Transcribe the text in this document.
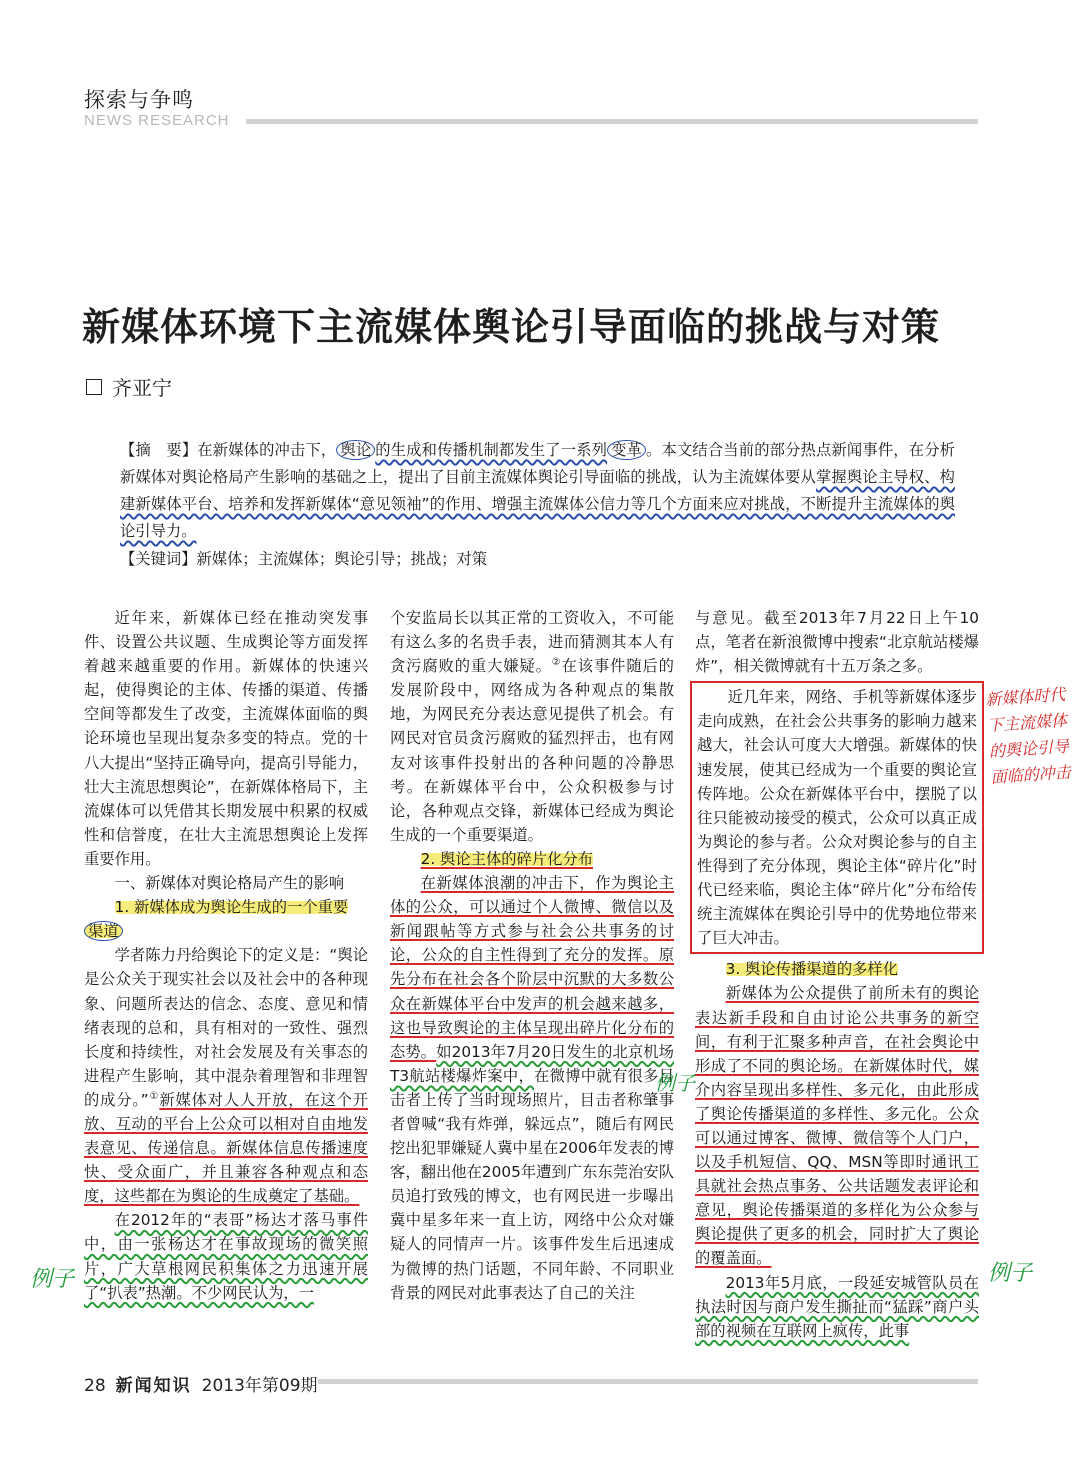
探索与争鸣
NEWS RESEARCH
新媒体环境下主流媒体舆论引导面临的挑战与对策
齐亚宁
【摘　要】在新媒体的冲击下， 舆论 的生成和传播机制都发生了一系列 变革 。本文结合当前的部分热点新闻事件，在分析新媒体对舆论格局产生影响的基础之上，提出了目前主流媒体舆论引导面临的挑战，认为主流媒体要从掌握舆论主导权、构建新媒体平台、培养和发挥新媒体“意见领袖”的作用、增强主流媒体公信力等几个方面来应对挑战，不断提升主流媒体的舆论引导力。
【关键词】新媒体；主流媒体；舆论引导；挑战；对策

近年来，新媒体已经在推动突发事件、设置公共议题、生成舆论等方面发挥着越来越重要的作用。新媒体的快速兴起，使得舆论的主体、传播的渠道、传播空间等都发生了改变，主流媒体面临的舆论环境也呈现出复杂多变的特点。党的十八大提出“坚持正确导向，提高引导能力，壮大主流思想舆论”，在新媒体格局下，主流媒体可以凭借其长期发展中积累的权威性和信誉度，在壮大主流思想舆论上发挥重要作用。

一、新媒体对舆论格局产生的影响

1. 新媒体成为舆论生成的一个重要

渠道

学者陈力丹给舆论下的定义是：“舆论是公众关于现实社会以及社会中的各种现象、问题所表达的信念、态度、意见和情绪表现的总和，具有相对的一致性、强烈长度和持续性，对社会发展及有关事态的进程产生影响，其中混杂着理智和非理智的成分。”①新媒体对人人开放，在这个开放、互动的平台上公众可以相对自由地发表意见、传递信息。新媒体信息传播速度快、受众面广，并且兼容各种观点和态度，这些都在为舆论的生成奠定了基础。

在2012年的“表哥”杨达才落马事件中，由一张杨达才在事故现场的微笑照片，广大草根网民积集体之力迅速开展了“扒表”热潮。不少网民认为，一

个安监局长以其正常的工资收入，不可能有这么多的名贵手表，进而猜测其本人有贪污腐败的重大嫌疑。②在该事件随后的发展阶段中，网络成为各种观点的集散地，为网民充分表达意见提供了机会。有网民对官员贪污腐败的猛烈抨击，也有网友对该事件投射出的各种问题的冷静思考。在新媒体平台中，公众积极参与讨论，各种观点交锋，新媒体已经成为舆论生成的一个重要渠道。

2. 舆论主体的碎片化分布

在新媒体浪潮的冲击下，作为舆论主体的公众，可以通过个人微博、微信以及新闻跟帖等方式参与社会公共事务的讨论，公众的自主性得到了充分的发挥。原先分布在社会各个阶层中沉默的大多数公众在新媒体平台中发声的机会越来越多，这也导致舆论的主体呈现出碎片化分布的态势。如2013年7月20日发生的北京机场T3航站楼爆炸案中，在微博中就有很多目击者上传了当时现场照片，目击者称肇事者曾喊“我有炸弹，躲远点”，随后有网民挖出犯罪嫌疑人冀中星在2006年发表的博客，翻出他在2005年遭到广东东莞治安队员追打致残的博文，也有网民进一步曝出冀中星多年来一直上访，网络中公众对嫌疑人的同情声一片。该事件发生后迅速成为微博的热门话题，不同年龄、不同职业背景的网民对此事表达了自己的关注

与意见。截至2013年7月22日上午10点，笔者在新浪微博中搜索“北京航站楼爆炸”，相关微博就有十五万条之多。

近几年来，网络、手机等新媒体逐步走向成熟，在社会公共事务的影响力越来越大，社会认可度大大增强。新媒体的快速发展，使其已经成为一个重要的舆论宣传阵地。公众在新媒体平台中，摆脱了以往只能被动接受的模式，公众可以真正成为舆论的参与者。公众对舆论参与的自主性得到了充分体现，舆论主体“碎片化”时代已经来临，舆论主体“碎片化”分布给传统主流媒体在舆论引导中的优势地位带来了巨大冲击。

3. 舆论传播渠道的多样化

新媒体为公众提供了前所未有的舆论表达新手段和自由讨论公共事务的新空间，有利于汇聚多种声音，在社会舆论中形成了不同的舆论场。在新媒体时代，媒介内容呈现出多样性、多元化，由此形成了舆论传播渠道的多样性、多元化。公众可以通过博客、微博、微信等个人门户，以及手机短信、QQ、MSN等即时通讯工具就社会热点事务、公共话题发表评论和意见，舆论传播渠道的多样化为公众参与舆论提供了更多的机会，同时扩大了舆论的覆盖面。

2013年5月底，一段延安城管队员在执法时因与商户发生撕扯而“猛踩”商户头部的视频在互联网上疯传，此事

例子
例子
例子
新媒体时代下主流媒体的舆论引导面临的冲击
28 新闻知识 2013年第09期
